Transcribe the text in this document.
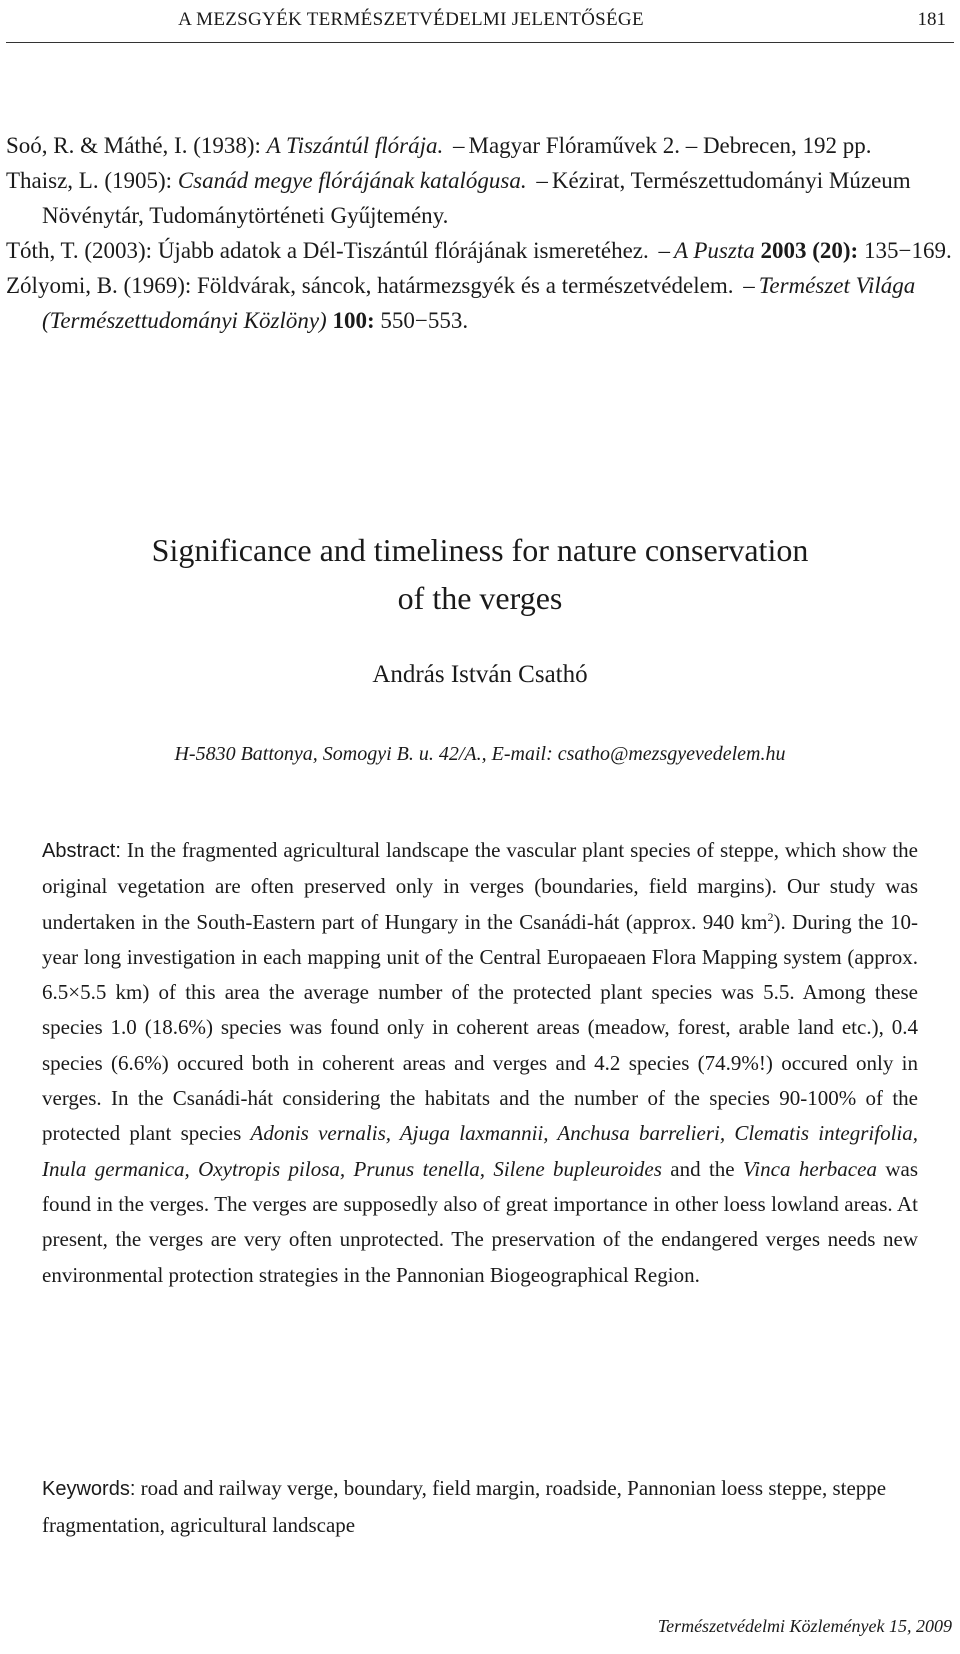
A MEZSGYÉK TERMÉSZETVÉDELMI JELENTŐSÉGE	181
Soó, R. & Máthé, I. (1938): A Tiszántúl flórája. – Magyar Flóraművek 2. – Debrecen, 192 pp.
Thaisz, L. (1905): Csanád megye flórájának katalógusa. – Kézirat, Természettudományi Múzeum Növénytár, Tudománytörténeti Gyűjtemény.
Tóth, T. (2003): Újabb adatok a Dél-Tiszántúl flórájának ismeretéhez. – A Puszta 2003 (20): 135−169.
Zólyomi, B. (1969): Földvárak, sáncok, határmezsgyék és a természetvédelem. – Természet Világa (Természettudományi Közlöny) 100: 550−553.
Significance and timeliness for nature conservation
of the verges
András István Csathó
H-5830 Battonya, Somogyi B. u. 42/A., E-mail: csatho@mezsgyevedelem.hu
Abstract: In the fragmented agricultural landscape the vascular plant species of steppe, which show the original vegetation are often preserved only in verges (boundaries, field margins). Our study was undertaken in the South-Eastern part of Hungary in the Csanádi-hát (approx. 940 $km^2$). During the 10-year long investigation in each mapping unit of the Central Europaeaen Flora Mapping system (approx. 6.5×5.5 km) of this area the average number of the protected plant species was 5.5. Among these species 1.0 (18.6%) species was found only in coherent areas (meadow, forest, arable land etc.), 0.4 species (6.6%) occured both in coherent areas and verges and 4.2 species (74.9%!) occured only in verges. In the Csanádi-hát considering the habitats and the number of the species 90-100% of the protected plant species Adonis vernalis, Ajuga laxmannii, Anchusa barrelieri, Clematis integrifolia, Inula germanica, Oxytropis pilosa, Prunus tenella, Silene bupleuroides and the Vinca herbacea was found in the verges. The verges are supposedly also of great importance in other loess lowland areas. At present, the verges are very often unprotected. The preservation of the endangered verges needs new environmental protection strategies in the Pannonian Biogeographical Region.
Keywords: road and railway verge, boundary, field margin, roadside, Pannonian loess steppe, steppe fragmentation, agricultural landscape
Természetvédelmi Közlemények 15, 2009
